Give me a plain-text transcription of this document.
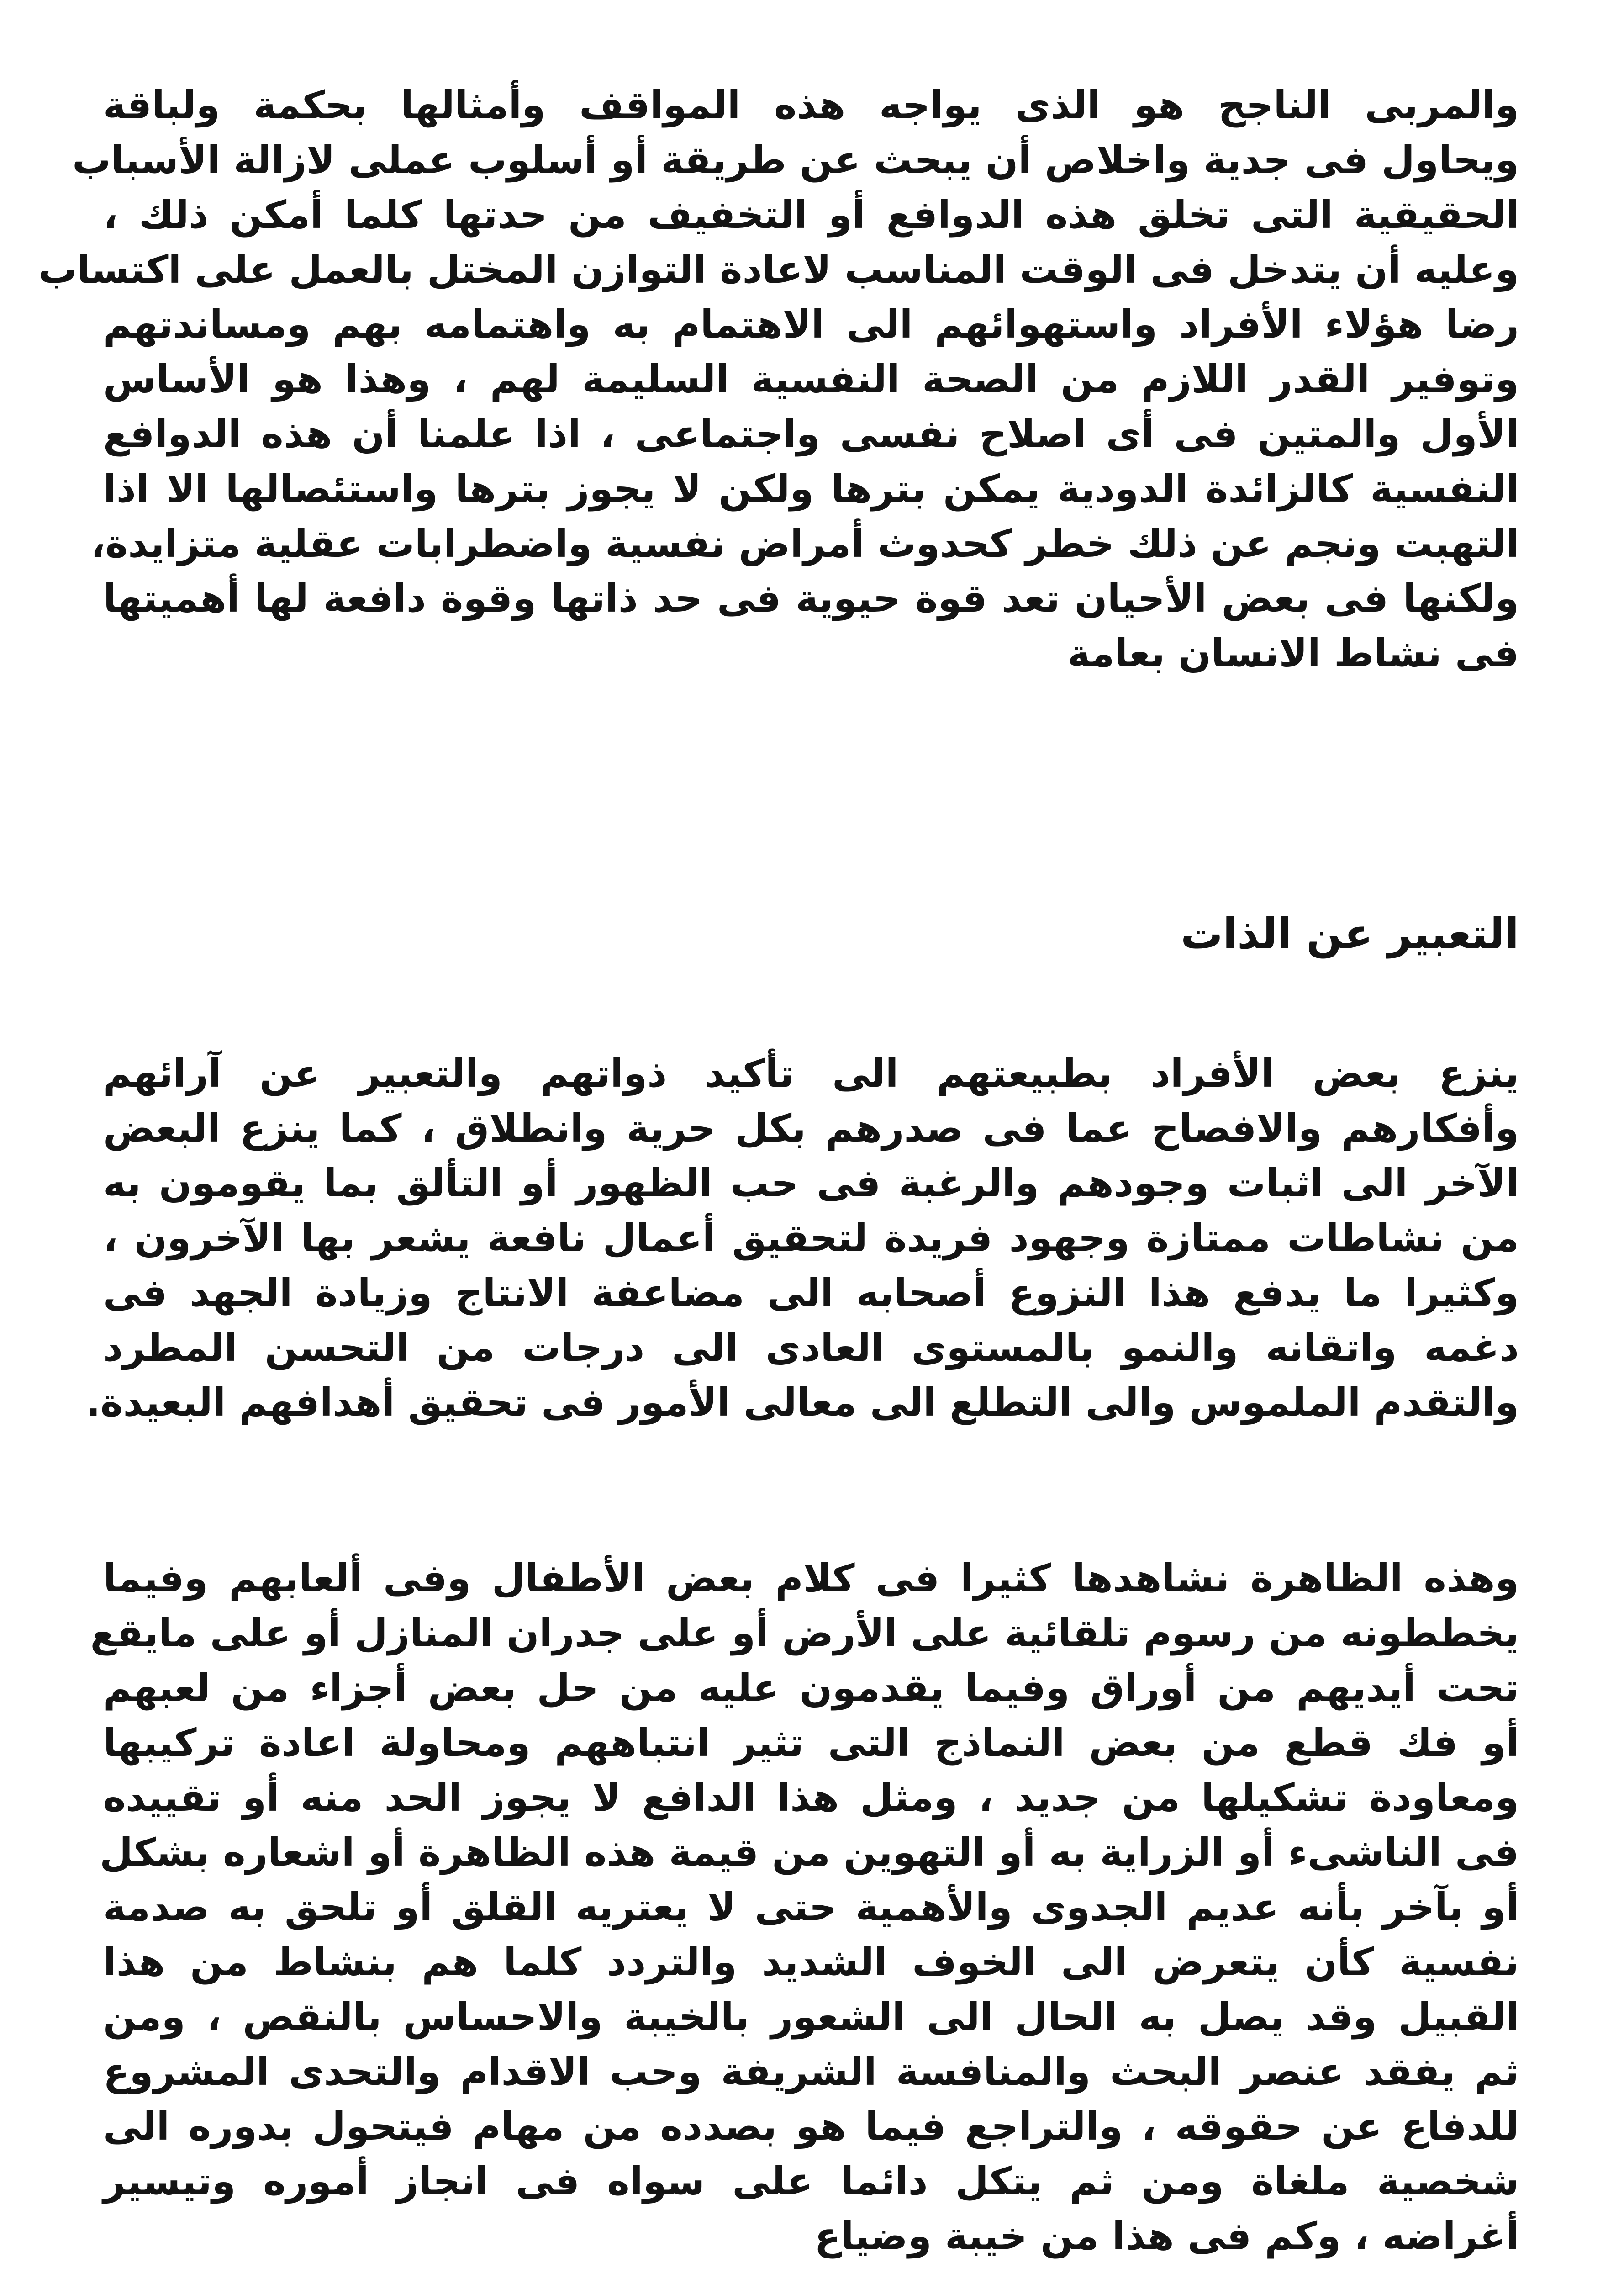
والمربى الناجح هو الذى يواجه هذه المواقف وأمثالها بحكمة ولباقة
ويحاول فى جدية واخلاص أن يبحث عن طريقة أو أسلوب عملى لازالة الأسباب
الحقيقية التى تخلق هذه الدوافع أو التخفيف من حدتها كلما أمكن ذلك ،
وعليه أن يتدخل فى الوقت المناسب لاعادة التوازن المختل بالعمل على اكتساب
رضا هؤلاء الأفراد واستهوائهم الى الاهتمام به واهتمامه بهم ومساندتهم
وتوفير القدر اللازم من الصحة النفسية السليمة لهم ، وهذا هو الأساس
الأول والمتين فى أى اصلاح نفسى واجتماعى ، اذا علمنا أن هذه الدوافع
النفسية كالزائدة الدودية يمكن بترها ولكن لا يجوز بترها واستئصالها الا اذا
التهبت ونجم عن ذلك خطر كحدوث أمراض نفسية واضطرابات عقلية متزايدة،
ولكنها فى بعض الأحيان تعد قوة حيوية فى حد ذاتها وقوة دافعة لها أهميتها
فى نشاط الانسان بعامة
التعبير عن الذات
ينزع بعض الأفراد بطبيعتهم الى تأكيد ذواتهم والتعبير عن آرائهم
وأفكارهم والافصاح عما فى صدرهم بكل حرية وانطلاق ، كما ينزع البعض
الآخر الى اثبات وجودهم والرغبة فى حب الظهور أو التألق بما يقومون به
من نشاطات ممتازة وجهود فريدة لتحقيق أعمال نافعة يشعر بها الآخرون ،
وكثيرا ما يدفع هذا النزوع أصحابه الى مضاعفة الانتاج وزيادة الجهد فى
دغمه واتقانه والنمو بالمستوى العادى الى درجات من التحسن المطرد
والتقدم الملموس والى التطلع الى معالى الأمور فى تحقيق أهدافهم البعيدة.
وهذه الظاهرة نشاهدها كثيرا فى كلام بعض الأطفال وفى ألعابهم وفيما
يخططونه من رسوم تلقائية على الأرض أو على جدران المنازل أو على مايقع
تحت أيديهم من أوراق وفيما يقدمون عليه من حل بعض أجزاء من لعبهم
أو فك قطع من بعض النماذج التى تثير انتباههم ومحاولة اعادة تركيبها
ومعاودة تشكيلها من جديد ، ومثل هذا الدافع لا يجوز الحد منه أو تقييده
فى الناشىء أو الزراية به أو التهوين من قيمة هذه الظاهرة أو اشعاره بشكل
أو بآخر بأنه عديم الجدوى والأهمية حتى لا يعتريه القلق أو تلحق به صدمة
نفسية كأن يتعرض الى الخوف الشديد والتردد كلما هم بنشاط من هذا
القبيل وقد يصل به الحال الى الشعور بالخيبة والاحساس بالنقص ، ومن
ثم يفقد عنصر البحث والمنافسة الشريفة وحب الاقدام والتحدى المشروع
للدفاع عن حقوقه ، والتراجع فيما هو بصدده من مهام فيتحول بدوره الى
شخصية ملغاة ومن ثم يتكل دائما على سواه فى انجاز أموره وتيسير
أغراضه ، وكم فى هذا من خيبة وضياع
